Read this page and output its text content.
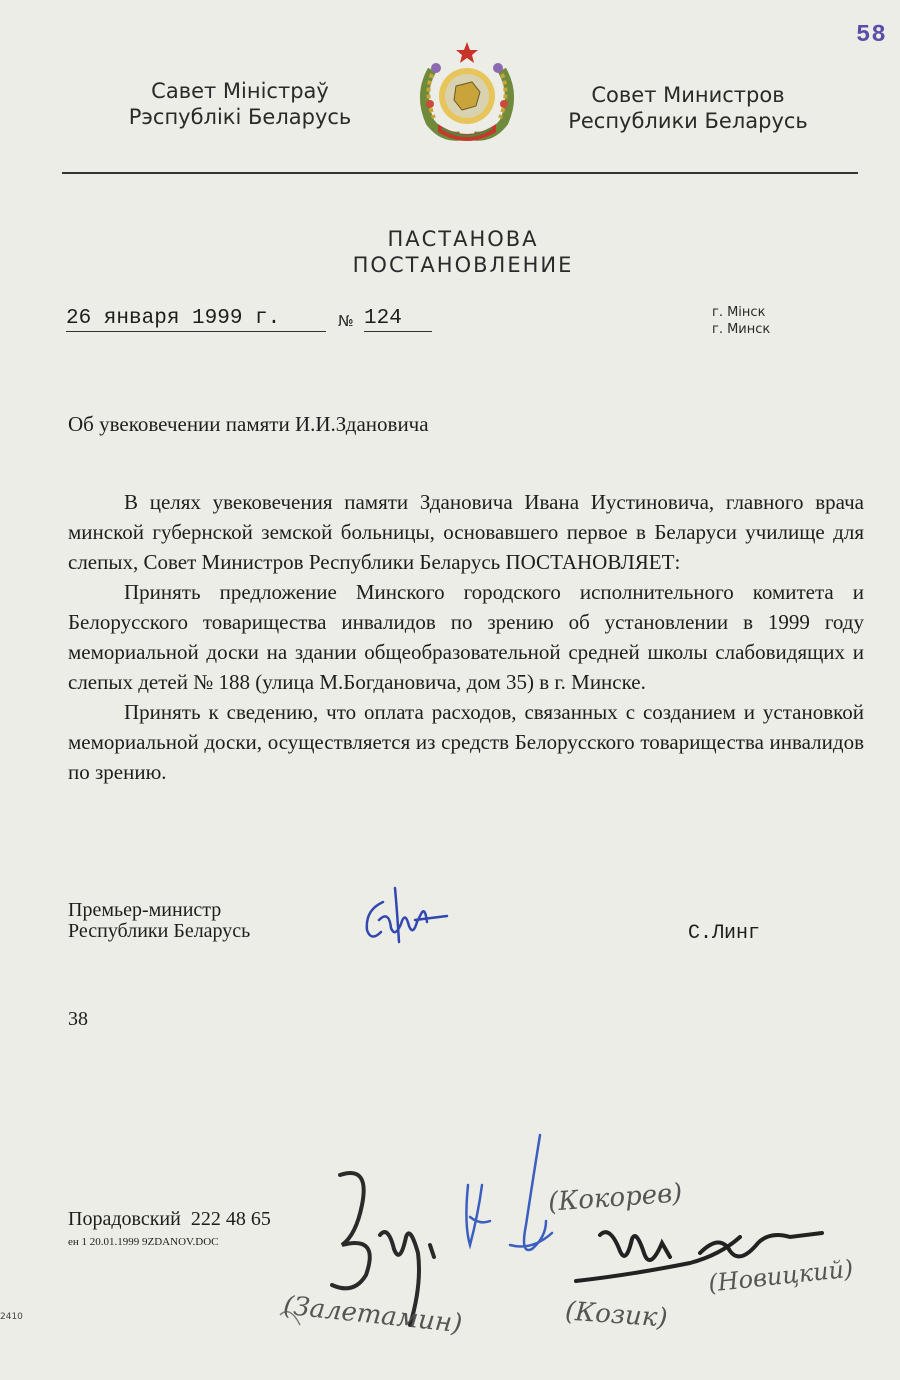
58
Савет Міністраў
Рэспублікі Беларусь
Совет Министров
Республики Беларусь
ПАСТАНОВА
ПОСТАНОВЛЕНИЕ
26 января 1999 г.	№ 124	г. Мінск
г. Минск
Об увековечении памяти И.И.Здановича

В целях увековечения памяти Здановича Ивана Иустиновича, главного врача минской губернской земской больницы, основавшего первое в Беларуси училище для слепых, Совет Министров Республики Беларусь ПОСТАНОВЛЯЕТ:

Принять предложение Минского городского исполнительного комитета и Белорусского товарищества инвалидов по зрению об установлении в 1999 году мемориальной доски на здании общеобразовательной средней школы слабовидящих и слепых детей № 188 (улица М.Богдановича, дом 35) в г. Минске.

Принять к сведению, что оплата расходов, связанных с созданием и установкой мемориальной доски, осуществляется из средств Белорусского товарищества инвалидов по зрению.

Премьер-министр
Республики Беларусь	С.Линг
38
(Кокорев)
(Залетамин)	(Козик)
(Новицкий)
Порадовский  222 48 65
ен 1 20.01.1999 9ZDANOV.DOC
2410
